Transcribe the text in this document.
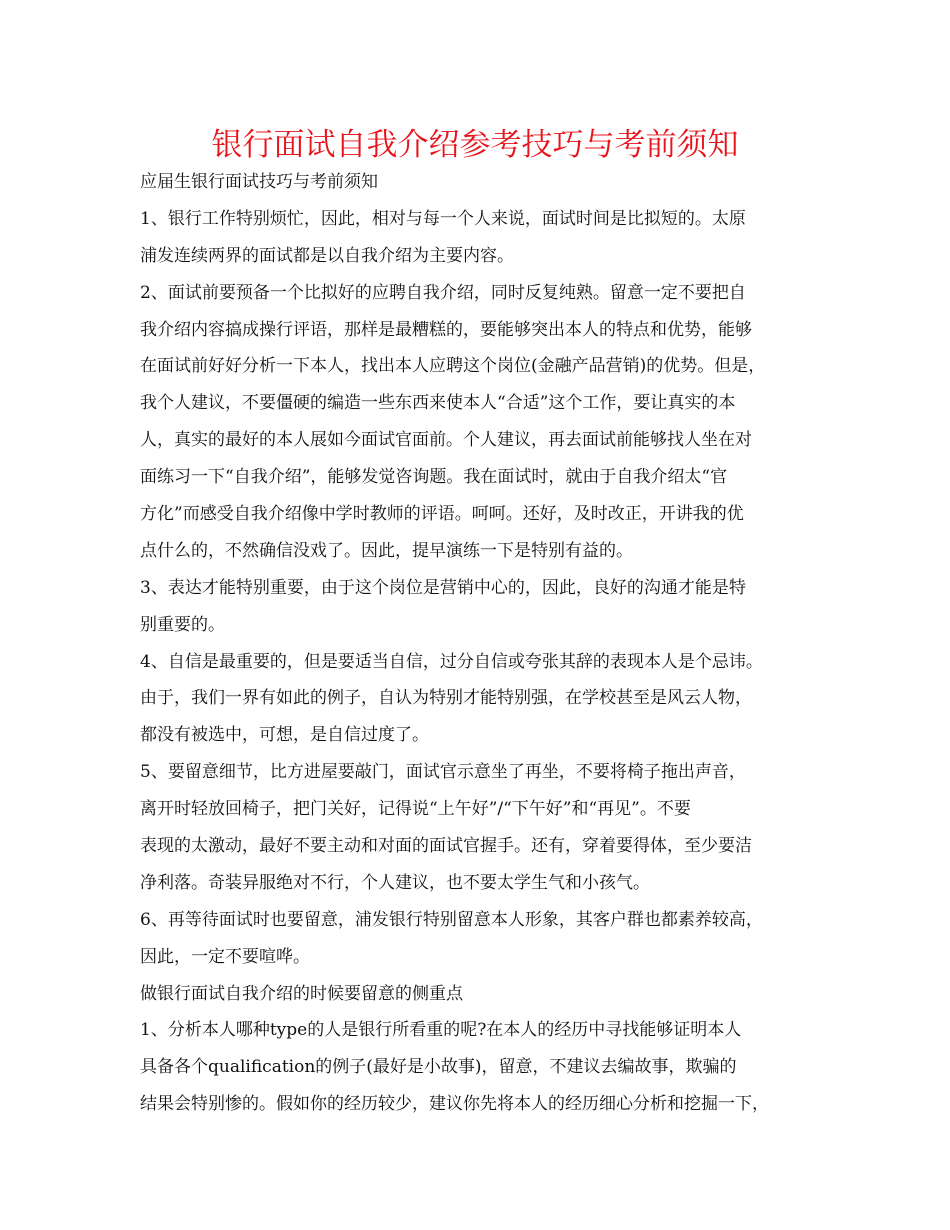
银行面试自我介绍参考技巧与考前须知
应届生银行面试技巧与考前须知
1、银行工作特别烦忙，因此，相对与每一个人来说，面试时间是比拟短的。太原
浦发连续两界的面试都是以自我介绍为主要内容。
2、面试前要预备一个比拟好的应聘自我介绍，同时反复纯熟。留意一定不要把自
我介绍内容搞成操行评语，那样是最糟糕的，要能够突出本人的特点和优势，能够
在面试前好好分析一下本人，找出本人应聘这个岗位(金融产品营销)的优势。但是，
我个人建议，不要僵硬的编造一些东西来使本人“合适”这个工作，要让真实的本
人，真实的最好的本人展如今面试官面前。个人建议，再去面试前能够找人坐在对
面练习一下“自我介绍”，能够发觉咨询题。我在面试时，就由于自我介绍太“官
方化”而感受自我介绍像中学时教师的评语。呵呵。还好，及时改正，开讲我的优
点什么的，不然确信没戏了。因此，提早演练一下是特别有益的。
3、表达才能特别重要，由于这个岗位是营销中心的，因此，良好的沟通才能是特
别重要的。
4、自信是最重要的，但是要适当自信，过分自信或夸张其辞的表现本人是个忌讳。
由于，我们一界有如此的例子，自认为特别才能特别强，在学校甚至是风云人物，
都没有被选中，可想，是自信过度了。
5、要留意细节，比方进屋要敲门，面试官示意坐了再坐，不要将椅子拖出声音，
离开时轻放回椅子，把门关好，记得说“上午好”/“下午好”和“再见”。不要
表现的太激动，最好不要主动和对面的面试官握手。还有，穿着要得体，至少要洁
净利落。奇装异服绝对不行，个人建议，也不要太学生气和小孩气。
6、再等待面试时也要留意，浦发银行特别留意本人形象，其客户群也都素养较高，
因此，一定不要喧哗。
做银行面试自我介绍的时候要留意的侧重点
1、分析本人哪种type的人是银行所看重的呢?在本人的经历中寻找能够证明本人
具备各个qualification的例子(最好是小故事)，留意，不建议去编故事，欺骗的
结果会特别惨的。假如你的经历较少，建议你先将本人的经历细心分析和挖掘一下，
